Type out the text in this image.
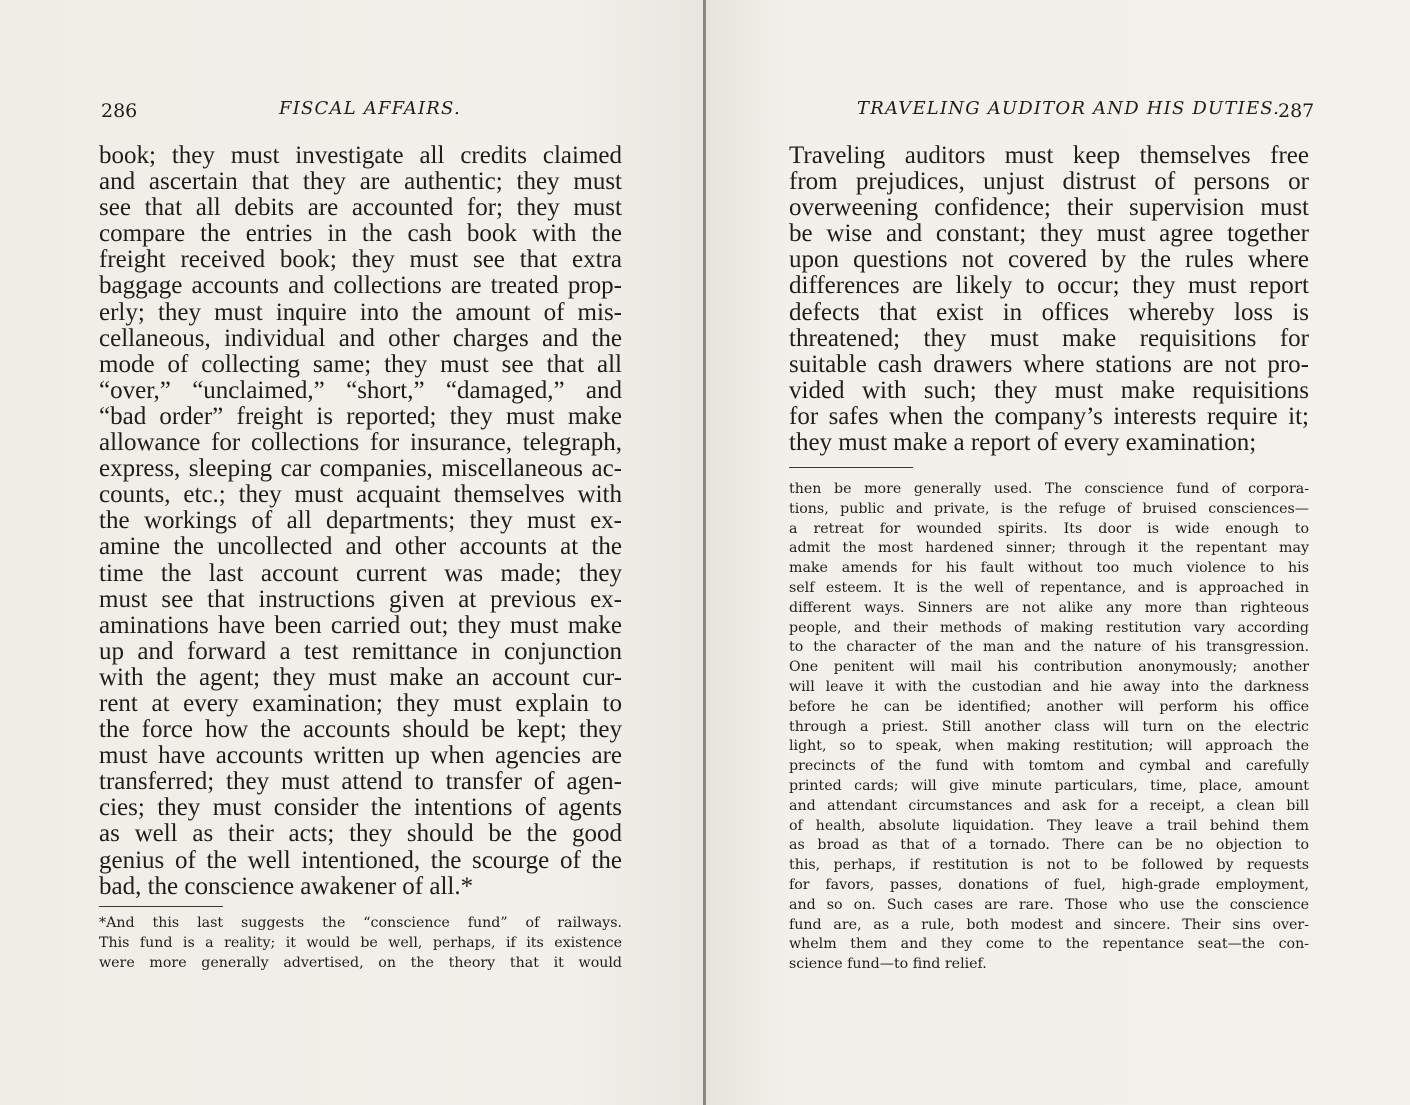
286	FISCAL AFFAIRS.
book; they must investigate all credits claimed
and ascertain that they are authentic; they must
see that all debits are accounted for; they must
compare the entries in the cash book with the
freight received book; they must see that extra
baggage accounts and collections are treated prop-
erly; they must inquire into the amount of mis-
cellaneous, individual and other charges and the
mode of collecting same; they must see that all
“over,” “unclaimed,” “short,” “damaged,” and
“bad order” freight is reported; they must make
allowance for collections for insurance, telegraph,
express, sleeping car companies, miscellaneous ac-
counts, etc.; they must acquaint themselves with
the workings of all departments; they must ex-
amine the uncollected and other accounts at the
time the last account current was made; they
must see that instructions given at previous ex-
aminations have been carried out; they must make
up and forward a test remittance in conjunction
with the agent; they must make an account cur-
rent at every examination; they must explain to
the force how the accounts should be kept; they
must have accounts written up when agencies are
transferred; they must attend to transfer of agen-
cies; they must consider the intentions of agents
as well as their acts; they should be the good
genius of the well intentioned, the scourge of the
bad, the conscience awakener of all.*
*And this last suggests the “conscience fund” of railways.
This fund is a reality; it would be well, perhaps, if its existence
were more generally advertised, on the theory that it would
TRAVELING AUDITOR AND HIS DUTIES.
287
Traveling auditors must keep themselves free
from prejudices, unjust distrust of persons or
overweening confidence; their supervision must
be wise and constant; they must agree together
upon questions not covered by the rules where
differences are likely to occur; they must report
defects that exist in offices whereby loss is
threatened; they must make requisitions for
suitable cash drawers where stations are not pro-
vided with such; they must make requisitions
for safes when the company’s interests require it;
they must make a report of every examination;
then be more generally used. The conscience fund of corpora-
tions, public and private, is the refuge of bruised consciences—
a retreat for wounded spirits. Its door is wide enough to
admit the most hardened sinner; through it the repentant may
make amends for his fault without too much violence to his
self esteem. It is the well of repentance, and is approached in
different ways. Sinners are not alike any more than righteous
people, and their methods of making restitution vary according
to the character of the man and the nature of his transgression.
One penitent will mail his contribution anonymously; another
will leave it with the custodian and hie away into the darkness
before he can be identified; another will perform his office
through a priest. Still another class will turn on the electric
light, so to speak, when making restitution; will approach the
precincts of the fund with tomtom and cymbal and carefully
printed cards; will give minute particulars, time, place, amount
and attendant circumstances and ask for a receipt, a clean bill
of health, absolute liquidation. They leave a trail behind them
as broad as that of a tornado. There can be no objection to
this, perhaps, if restitution is not to be followed by requests
for favors, passes, donations of fuel, high-grade employment,
and so on. Such cases are rare. Those who use the conscience
fund are, as a rule, both modest and sincere. Their sins over-
whelm them and they come to the repentance seat—the con-
science fund—to find relief.
